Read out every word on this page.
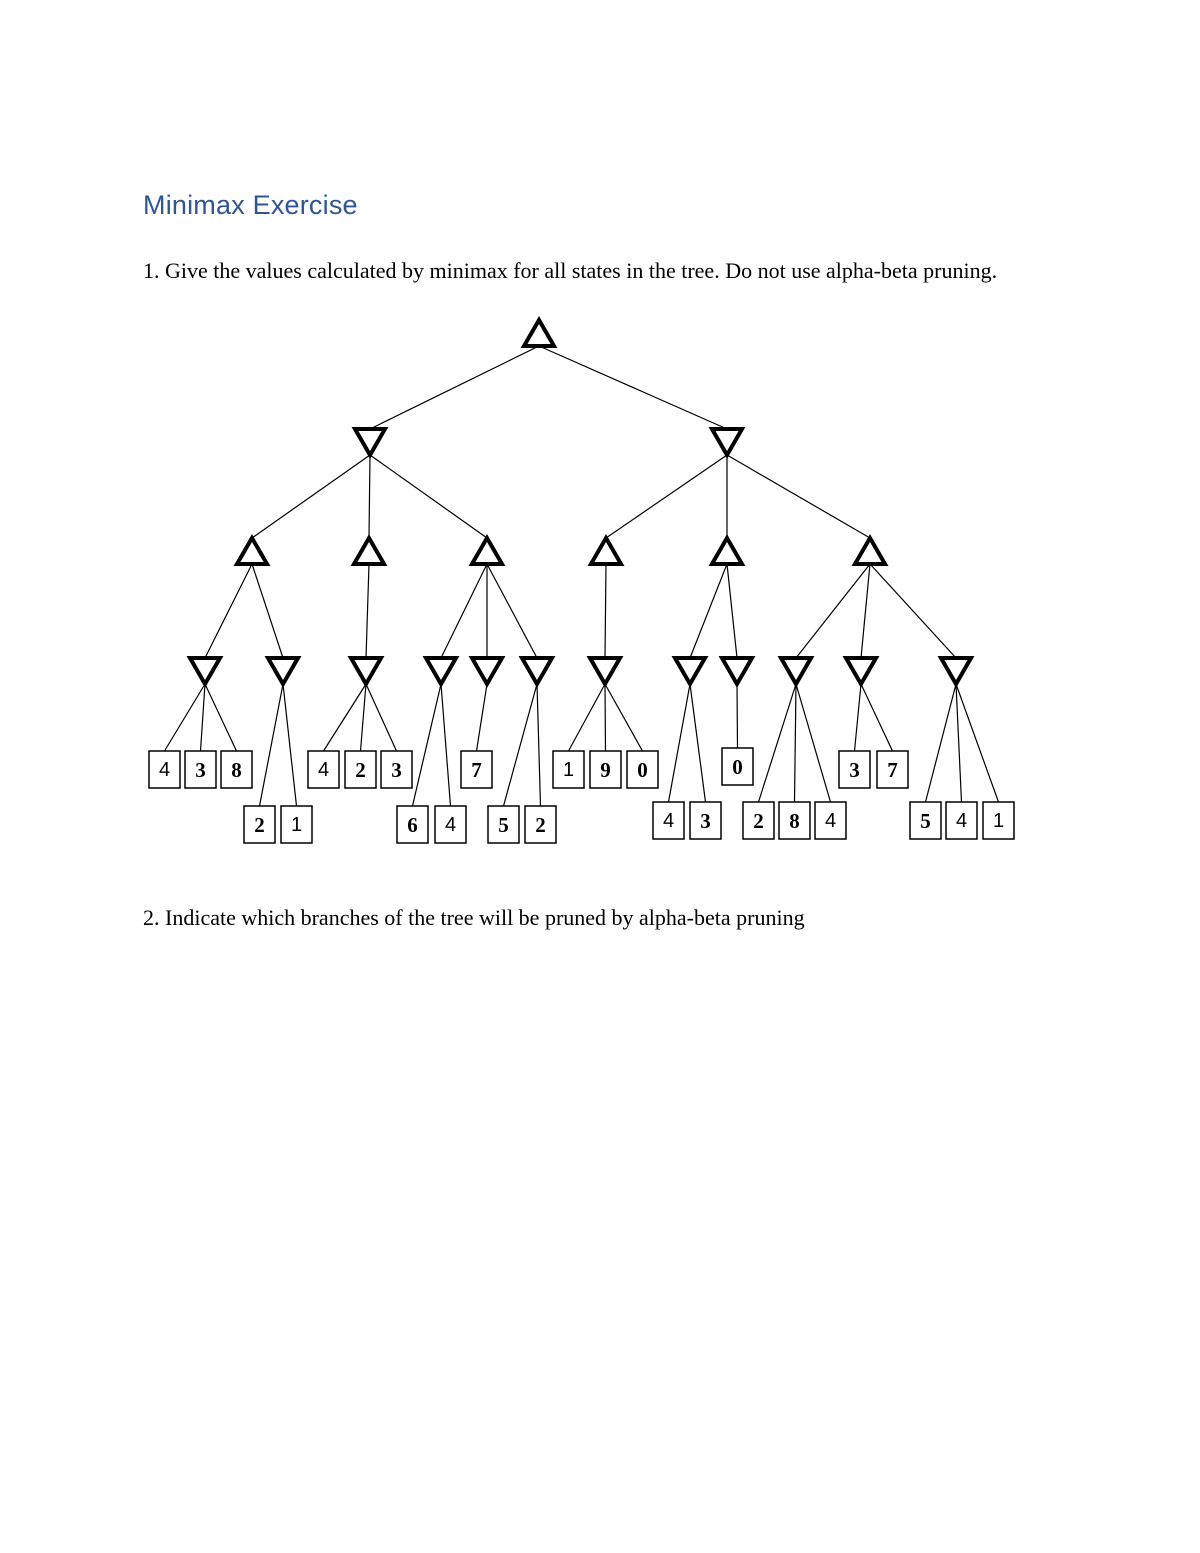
Minimax Exercise

1. Give the values calculated by minimax for all states in the tree. Do not use alpha-beta pruning.

2. Indicate which branches of the tree will be pruned by alpha-beta pruning

4 3 8
2 1
4 2 3
6 4
7
5 2
1 9 0
4 3
0
2 8 4
3 7
5 4 1
